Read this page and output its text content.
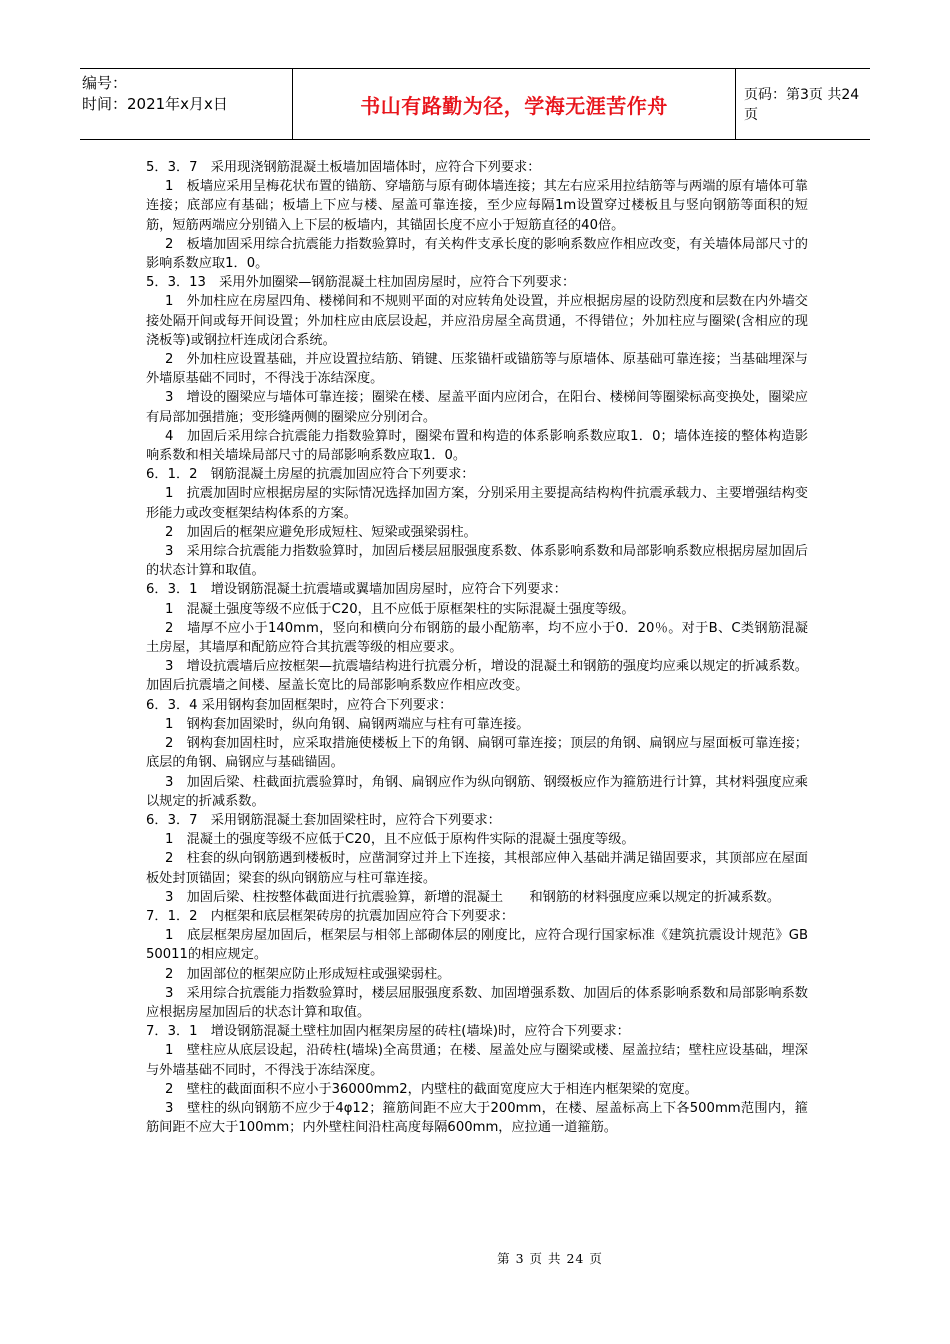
编号：
时间：2021年x月x日	书山有路勤为径，学海无涯苦作舟	页码：第3页 共24页

5．3．7　采用现浇钢筋混凝土板墙加固墙体时，应符合下列要求：

1　板墙应采用呈梅花状布置的锚筋、穿墙筋与原有砌体墙连接；其左右应采用拉结筋等与两端的原有墙体可靠连接；底部应有基础；板墙上下应与楼、屋盖可靠连接，至少应每隔1m设置穿过楼板且与竖向钢筋等面积的短筋，短筋两端应分别锚入上下层的板墙内，其锚固长度不应小于短筋直径的40倍。

2　板墙加固采用综合抗震能力指数验算时，有关构件支承长度的影响系数应作相应改变，有关墙体局部尺寸的影响系数应取1．0。

5．3．13　采用外加圈梁—钢筋混凝土柱加固房屋时，应符合下列要求：

1　外加柱应在房屋四角、楼梯间和不规则平面的对应转角处设置，并应根据房屋的设防烈度和层数在内外墙交接处隔开间或每开间设置；外加柱应由底层设起，并应沿房屋全高贯通，不得错位；外加柱应与圈梁(含相应的现浇板等)或钢拉杆连成闭合系统。

2　外加柱应设置基础，并应设置拉结筋、销键、压浆锚杆或锚筋等与原墙体、原基础可靠连接；当基础埋深与外墙原基础不同时，不得浅于冻结深度。

3　增设的圈梁应与墙体可靠连接；圈梁在楼、屋盖平面内应闭合，在阳台、楼梯间等圈梁标高变换处，圈梁应有局部加强措施；变形缝两侧的圈梁应分别闭合。

4　加固后采用综合抗震能力指数验算时，圈梁布置和构造的体系影响系数应取1．0；墙体连接的整体构造影响系数和相关墙垛局部尺寸的局部影响系数应取1．0。

6．1．2　钢筋混凝土房屋的抗震加固应符合下列要求：

1　抗震加固时应根据房屋的实际情况选择加固方案，分别采用主要提高结构构件抗震承载力、主要增强结构变形能力或改变框架结构体系的方案。

2　加固后的框架应避免形成短柱、短梁或强梁弱柱。

3　采用综合抗震能力指数验算时，加固后楼层屈服强度系数、体系影响系数和局部影响系数应根据房屋加固后的状态计算和取值。

6．3．1　增设钢筋混凝土抗震墙或翼墙加固房屋时，应符合下列要求：

1　混凝土强度等级不应低于C20，且不应低于原框架柱的实际混凝土强度等级。

2　墙厚不应小于140mm，竖向和横向分布钢筋的最小配筋率，均不应小于0．20％。对于B、C类钢筋混凝土房屋，其墙厚和配筋应符合其抗震等级的相应要求。

3　增设抗震墙后应按框架—抗震墙结构进行抗震分析，增设的混凝土和钢筋的强度均应乘以规定的折减系数。加固后抗震墙之间楼、屋盖长宽比的局部影响系数应作相应改变。

6．3．4 采用钢构套加固框架时，应符合下列要求：

1　钢构套加固梁时，纵向角钢、扁钢两端应与柱有可靠连接。

2　钢构套加固柱时，应采取措施使楼板上下的角钢、扁钢可靠连接；顶层的角钢、扁钢应与屋面板可靠连接；底层的角钢、扁钢应与基础锚固。

3　加固后梁、柱截面抗震验算时，角钢、扁钢应作为纵向钢筋、钢缀板应作为箍筋进行计算，其材料强度应乘以规定的折减系数。

6．3．7　采用钢筋混凝土套加固梁柱时，应符合下列要求：

1　混凝土的强度等级不应低于C20，且不应低于原构件实际的混凝土强度等级。

2　柱套的纵向钢筋遇到楼板时，应凿洞穿过并上下连接，其根部应伸入基础并满足锚固要求，其顶部应在屋面板处封顶锚固；梁套的纵向钢筋应与柱可靠连接。

3　加固后梁、柱按整体截面进行抗震验算，新增的混凝土　　和钢筋的材料强度应乘以规定的折减系数。

7．1．2　内框架和底层框架砖房的抗震加固应符合下列要求：

1　底层框架房屋加固后，框架层与相邻上部砌体层的刚度比，应符合现行国家标准《建筑抗震设计规范》GB 50011的相应规定。

2　加固部位的框架应防止形成短柱或强梁弱柱。

3　采用综合抗震能力指数验算时，楼层屈服强度系数、加固增强系数、加固后的体系影响系数和局部影响系数应根据房屋加固后的状态计算和取值。

7．3．1　增设钢筋混凝土壁柱加固内框架房屋的砖柱(墙垛)时，应符合下列要求：

1　壁柱应从底层设起，沿砖柱(墙垛)全高贯通；在楼、屋盖处应与圈梁或楼、屋盖拉结；壁柱应设基础，埋深与外墙基础不同时，不得浅于冻结深度。

2　壁柱的截面面积不应小于36000mm2，内壁柱的截面宽度应大于相连内框架梁的宽度。

3　壁柱的纵向钢筋不应少于4φ12；箍筋间距不应大于200mm，在楼、屋盖标高上下各500mm范围内，箍筋间距不应大于100mm；内外壁柱间沿柱高度每隔600mm，应拉通一道箍筋。

第 3 页 共 24 页
